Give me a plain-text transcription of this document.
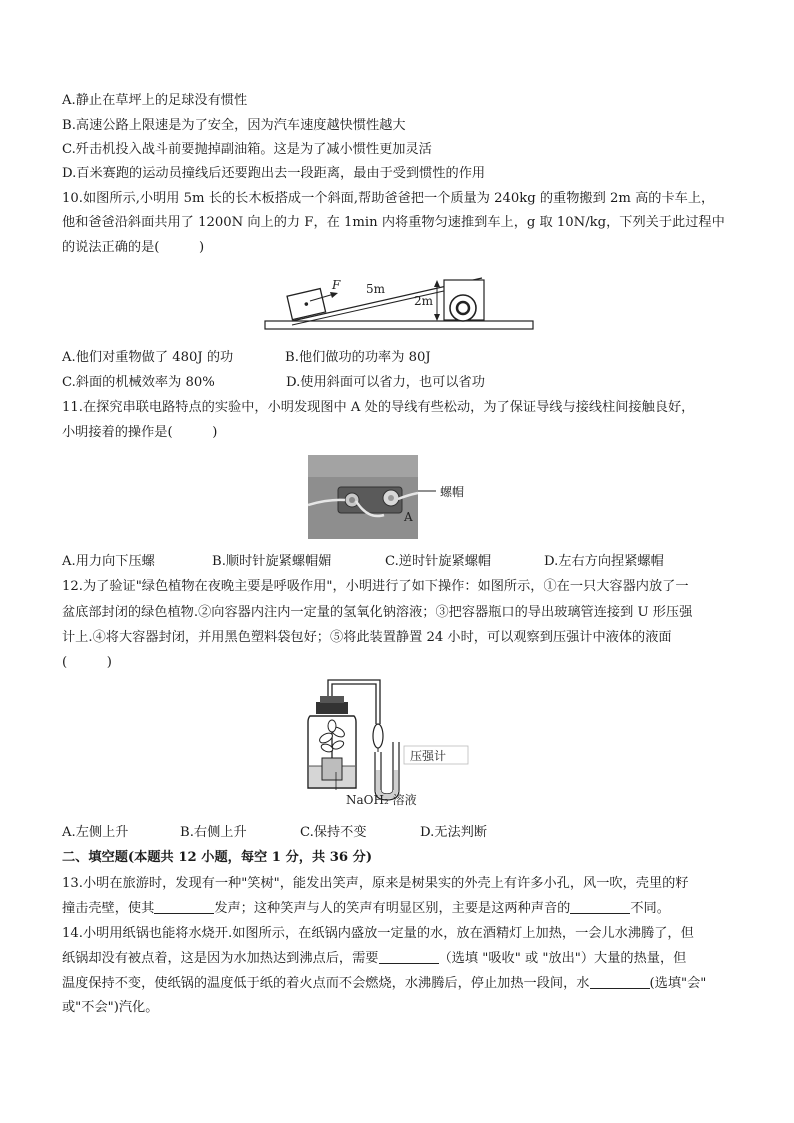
A.静止在草坪上的足球没有惯性
B.高速公路上限速是为了安全，因为汽车速度越快惯性越大
C.歼击机投入战斗前要抛掉副油箱。这是为了减小惯性更加灵活
D.百米赛跑的运动员撞线后还要跑出去一段距离，最由于受到惯性的作用
10.如图所示,小明用 5m 长的长木板搭成一个斜面,帮助爸爸把一个质量为 240kg 的重物搬到 2m 高的卡车上，
他和爸爸沿斜面共用了 1200N 向上的力 F，在 1min 内将重物匀速推到车上，g 取 10N/kg，下列关于此过程中
的说法正确的是(　　　)
F 5m
2m
A.他们对重物做了 480J 的功	B.他们做功的功率为 80J
C.斜面的机械效率为 80%	D.使用斜面可以省力，也可以省功
11.在探究串联电路特点的实验中，小明发现图中 A 处的导线有些松动，为了保证导线与接线柱间接触良好，
小明接着的操作是(　　　)
螺帽
A
A.用力向下压螺	B.顺时针旋紧螺帽媚	C.逆时针旋紧螺帽	D.左右方向捏紧螺帽
12.为了验证"绿色植物在夜晚主要是呼吸作用"，小明进行了如下操作：如图所示，①在一只大容器内放了一
盆底部封闭的绿色植物.②向容器内注内一定量的氢氧化钠溶液；③把容器瓶口的导出玻璃管连接到 U 形压强
计上.④将大容器封闭，并用黑色塑料袋包好；⑤将此装置静置 24 小时，可以观察到压强计中液体的液面
(　　　)
压强计
NaOH₂ 溶液
A.左侧上升	B.右侧上升	C.保持不变	D.无法判断
二、填空题(本题共 12 小题，每空 1 分，共 36 分)
13.小明在旅游时，发现有一种"笑树"，能发出笑声，原来是树果实的外壳上有许多小孔，风一吹，壳里的籽
撞击壳壁，使其	发声；这种笑声与人的笑声有明显区别，主要是这两种声音的	不同。
14.小明用纸锅也能将水烧开.如图所示，在纸锅内盛放一定量的水，放在酒精灯上加热，一会儿水沸腾了，但
纸锅却没有被点着，这是因为水加热达到沸点后，需要	（选填 "吸收" 或 "放出"）大量的热量，但
温度保持不变，使纸锅的温度低于纸的着火点而不会燃烧，水沸腾后，停止加热一段间，水	(选填"会"
或"不会")汽化。
